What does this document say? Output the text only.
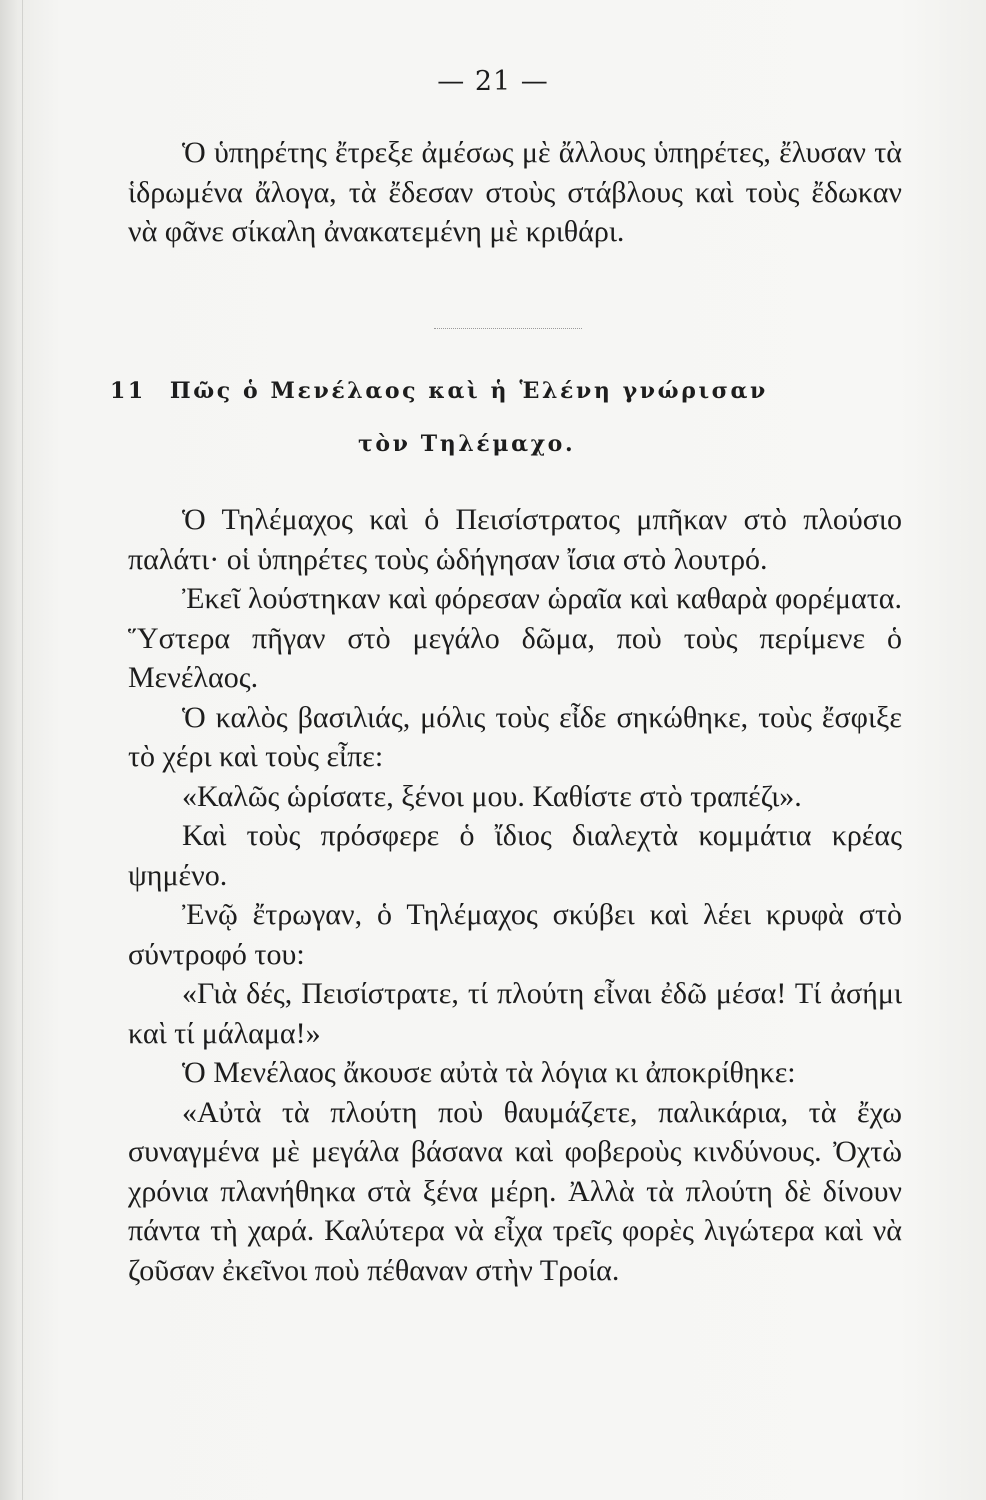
— 21 —

Ὁ ὑπηρέτης ἔτρεξε ἀμέσως μὲ ἄλλους ὑπηρέτες, ἔλυσαν τὰ ἱδρωμένα ἄλογα, τὰ ἔδεσαν στοὺς στάβλους καὶ τοὺς ἔδωκαν νὰ φᾶνε σίκαλη ἀνακατεμένη μὲ κριθάρι.

11 Πῶς ὁ Μενέλαος καὶ ἡ Ἑλένη γνώρισαν
τὸν Τηλέμαχο.

Ὁ Τηλέμαχος καὶ ὁ Πεισίστρατος μπῆκαν στὸ πλούσιο παλάτι· οἱ ὑπηρέτες τοὺς ὡδήγησαν ἴσια στὸ λουτρό.

Ἐκεῖ λούστηκαν καὶ φόρεσαν ὡραῖα καὶ καθαρὰ φορέματα. Ὕστερα πῆγαν στὸ μεγάλο δῶμα, ποὺ τοὺς περίμενε ὁ Μενέλαος.

Ὁ καλὸς βασιλιάς, μόλις τοὺς εἶδε σηκώθηκε, τοὺς ἔσφιξε τὸ χέρι καὶ τοὺς εἶπε:

«Καλῶς ὡρίσατε, ξένοι μου. Καθίστε στὸ τραπέζι».

Καὶ τοὺς πρόσφερε ὁ ἴδιος διαλεχτὰ κομμάτια κρέας ψημένο.

Ἐνῷ ἔτρωγαν, ὁ Τηλέμαχος σκύβει καὶ λέει κρυφὰ στὸ σύντροφό του:

«Γιὰ δές, Πεισίστρατε, τί πλούτη εἶναι ἐδῶ μέσα! Τί ἀσήμι καὶ τί μάλαμα!»

Ὁ Μενέλαος ἄκουσε αὐτὰ τὰ λόγια κι ἀποκρίθηκε:

«Αὐτὰ τὰ πλούτη ποὺ θαυμάζετε, παλικάρια, τὰ ἔχω συναγμένα μὲ μεγάλα βάσανα καὶ φοβεροὺς κινδύνους. Ὀχτὼ χρόνια πλανήθηκα στὰ ξένα μέρη. Ἀλλὰ τὰ πλούτη δὲ δίνουν πάντα τὴ χαρά. Καλύτερα νὰ εἶχα τρεῖς φορὲς λιγώτερα καὶ νὰ ζοῦσαν ἐκεῖνοι ποὺ πέθαναν στὴν Τροία.
